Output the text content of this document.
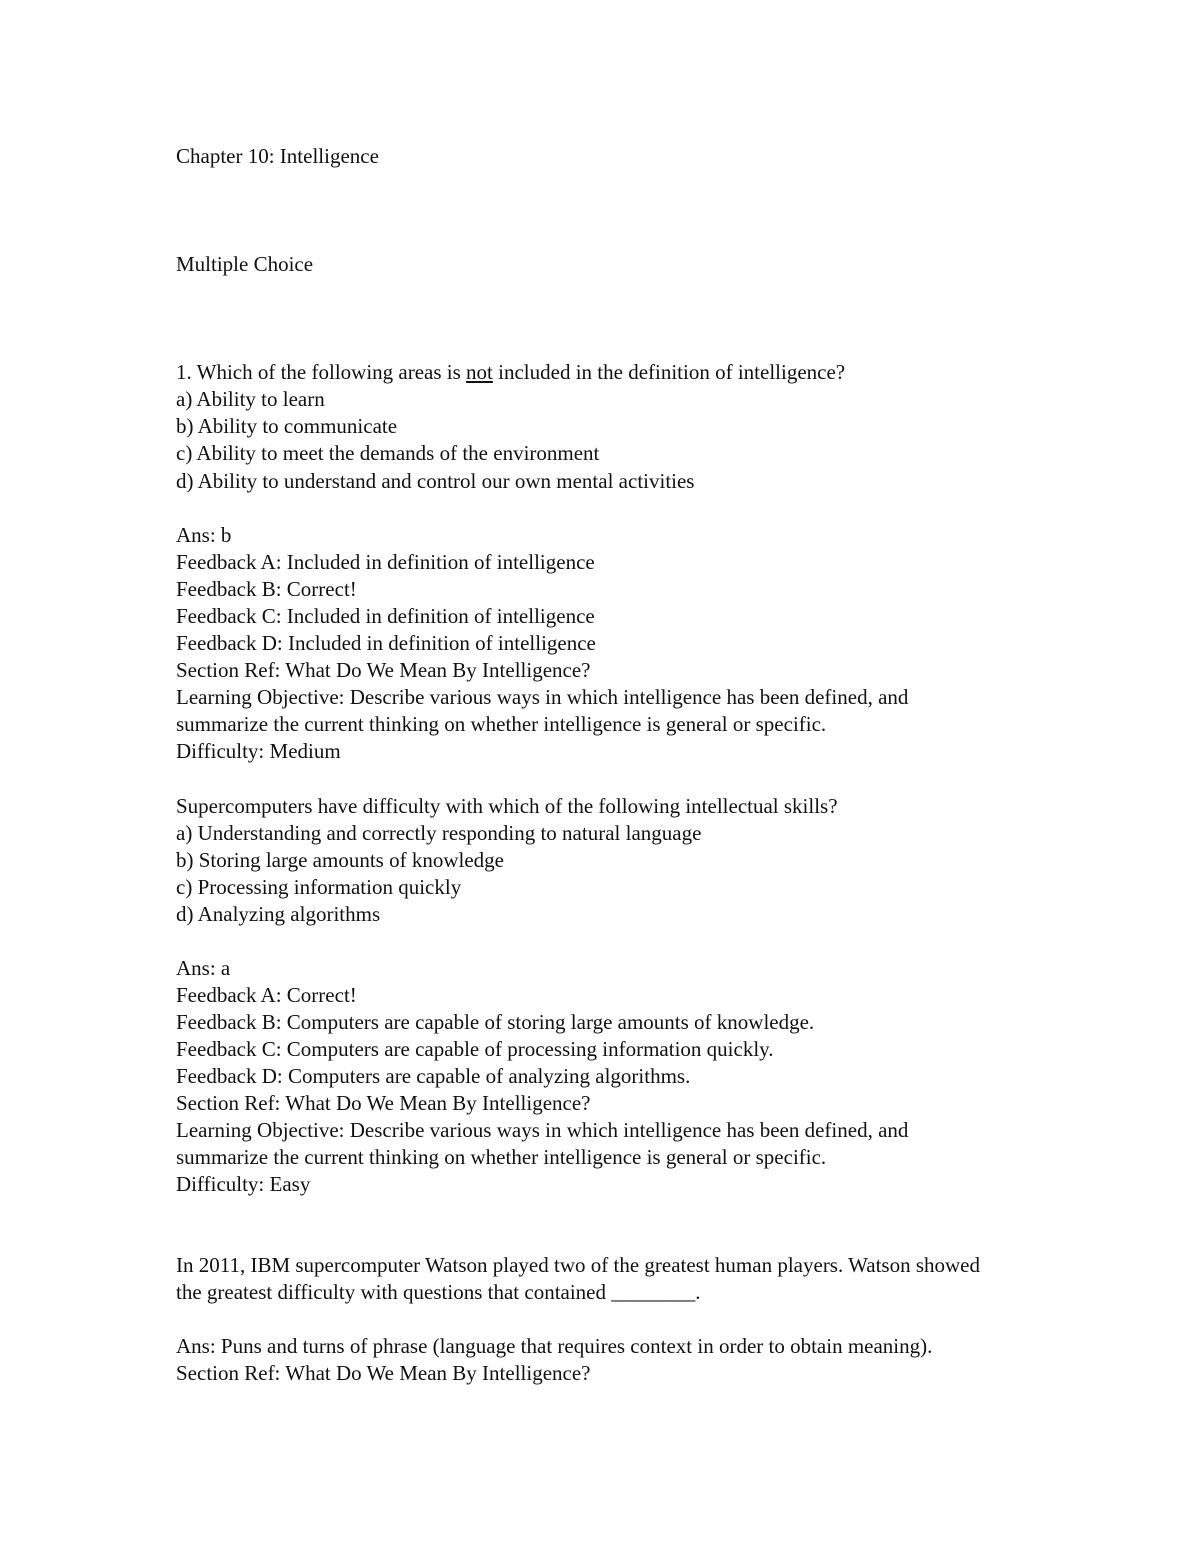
Chapter 10: Intelligence
Multiple Choice
1. Which of the following areas is not included in the definition of intelligence?
a) Ability to learn
b) Ability to communicate
c) Ability to meet the demands of the environment
d) Ability to understand and control our own mental activities
Ans: b
Feedback A: Included in definition of intelligence
Feedback B: Correct!
Feedback C: Included in definition of intelligence
Feedback D: Included in definition of intelligence
Section Ref: What Do We Mean By Intelligence?
Learning Objective: Describe various ways in which intelligence has been defined, and
summarize the current thinking on whether intelligence is general or specific.
Difficulty: Medium
Supercomputers have difficulty with which of the following intellectual skills?
a) Understanding and correctly responding to natural language
b) Storing large amounts of knowledge
c) Processing information quickly
d) Analyzing algorithms
Ans: a
Feedback A: Correct!
Feedback B: Computers are capable of storing large amounts of knowledge.
Feedback C: Computers are capable of processing information quickly.
Feedback D: Computers are capable of analyzing algorithms.
Section Ref: What Do We Mean By Intelligence?
Learning Objective: Describe various ways in which intelligence has been defined, and
summarize the current thinking on whether intelligence is general or specific.
Difficulty: Easy
In 2011, IBM supercomputer Watson played two of the greatest human players. Watson showed
the greatest difficulty with questions that contained ________.
Ans: Puns and turns of phrase (language that requires context in order to obtain meaning).
Section Ref: What Do We Mean By Intelligence?
